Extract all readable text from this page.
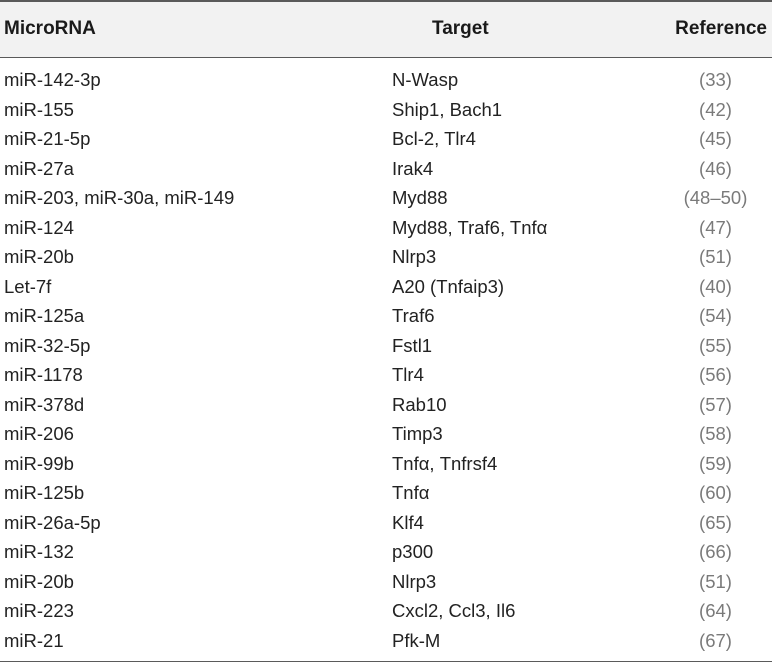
MicroRNA	Target	Reference
miR-142-3p	N-Wasp	(33)
miR-155	Ship1, Bach1	(42)
miR-21-5p	Bcl-2, Tlr4	(45)
miR-27a	Irak4	(46)
miR-203, miR-30a, miR-149	Myd88	(48–50)
miR-124	Myd88, Traf6, Tnfα	(47)
miR-20b	Nlrp3	(51)
Let-7f	A20 (Tnfaip3)	(40)
miR-125a	Traf6	(54)
miR-32-5p	Fstl1	(55)
miR-1178	Tlr4	(56)
miR-378d	Rab10	(57)
miR-206	Timp3	(58)
miR-99b	Tnfα, Tnfrsf4	(59)
miR-125b	Tnfα	(60)
miR-26a-5p	Klf4	(65)
miR-132	p300	(66)
miR-20b	Nlrp3	(51)
miR-223	Cxcl2, Ccl3, Il6	(64)
miR-21	Pfk-M	(67)
